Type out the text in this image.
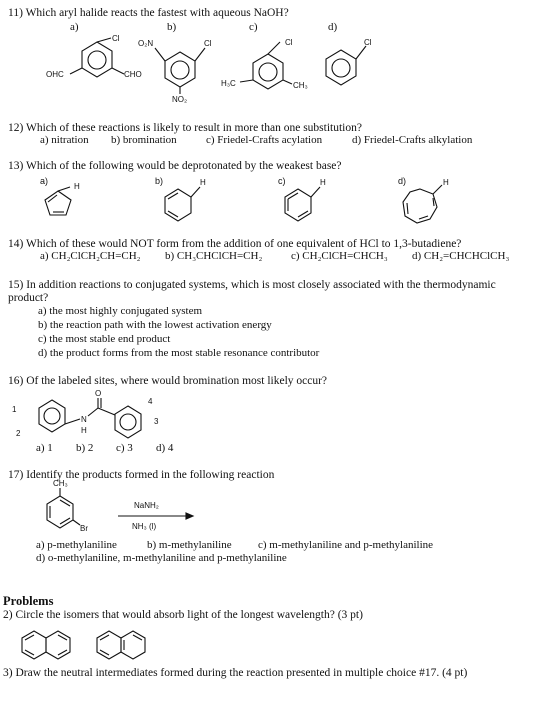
11) Which aryl halide reacts the fastest with aqueous NaOH?
a)	b)	c)	d)
Cl
OHC	CHO
O₂N	Cl
NO₂
Cl
H₃C	CH₃
Cl
12) Which of these reactions is likely to result in more than one substitution?
a) nitration b) bromination	c) Friedel-Crafts acylation	d) Friedel-Crafts alkylation
13) Which of the following would be deprotonated by the weakest base?
a)	b)	c)	d)
H	H	H	H
14) Which of these would NOT form from the addition of one equivalent of HCl to 1,3-butadiene?
a) CH₂ClCH₂CH=CH₂ b) CH₃CHClCH=CH₂	c) CH₂ClCH=CHCH₃ d) CH₂=CHCHClCH₃
15) In addition reactions to conjugated systems, which is most closely associated with the thermodynamic
product?
a) the most highly conjugated system
b) the reaction path with the lowest activation energy
c) the most stable end product
d) the product forms from the most stable resonance contributor
16) Of the labeled sites, where would bromination most likely occur?
N
H
O
1
2
3
4
a) 1 b) 2 c) 3 d) 4
17) Identify the products formed in the following reaction
CH₃
Br
NaNH₂
NH₃ (l)
a) p-methylaniline	b) m-methylaniline c) m-methylaniline and p-methylaniline
d) o-methylaniline, m-methylaniline and p-methylaniline
Problems
2) Circle the isomers that would absorb light of the longest wavelength? (3 pt)
3) Draw the neutral intermediates formed during the reaction presented in multiple choice #17. (4 pt)
